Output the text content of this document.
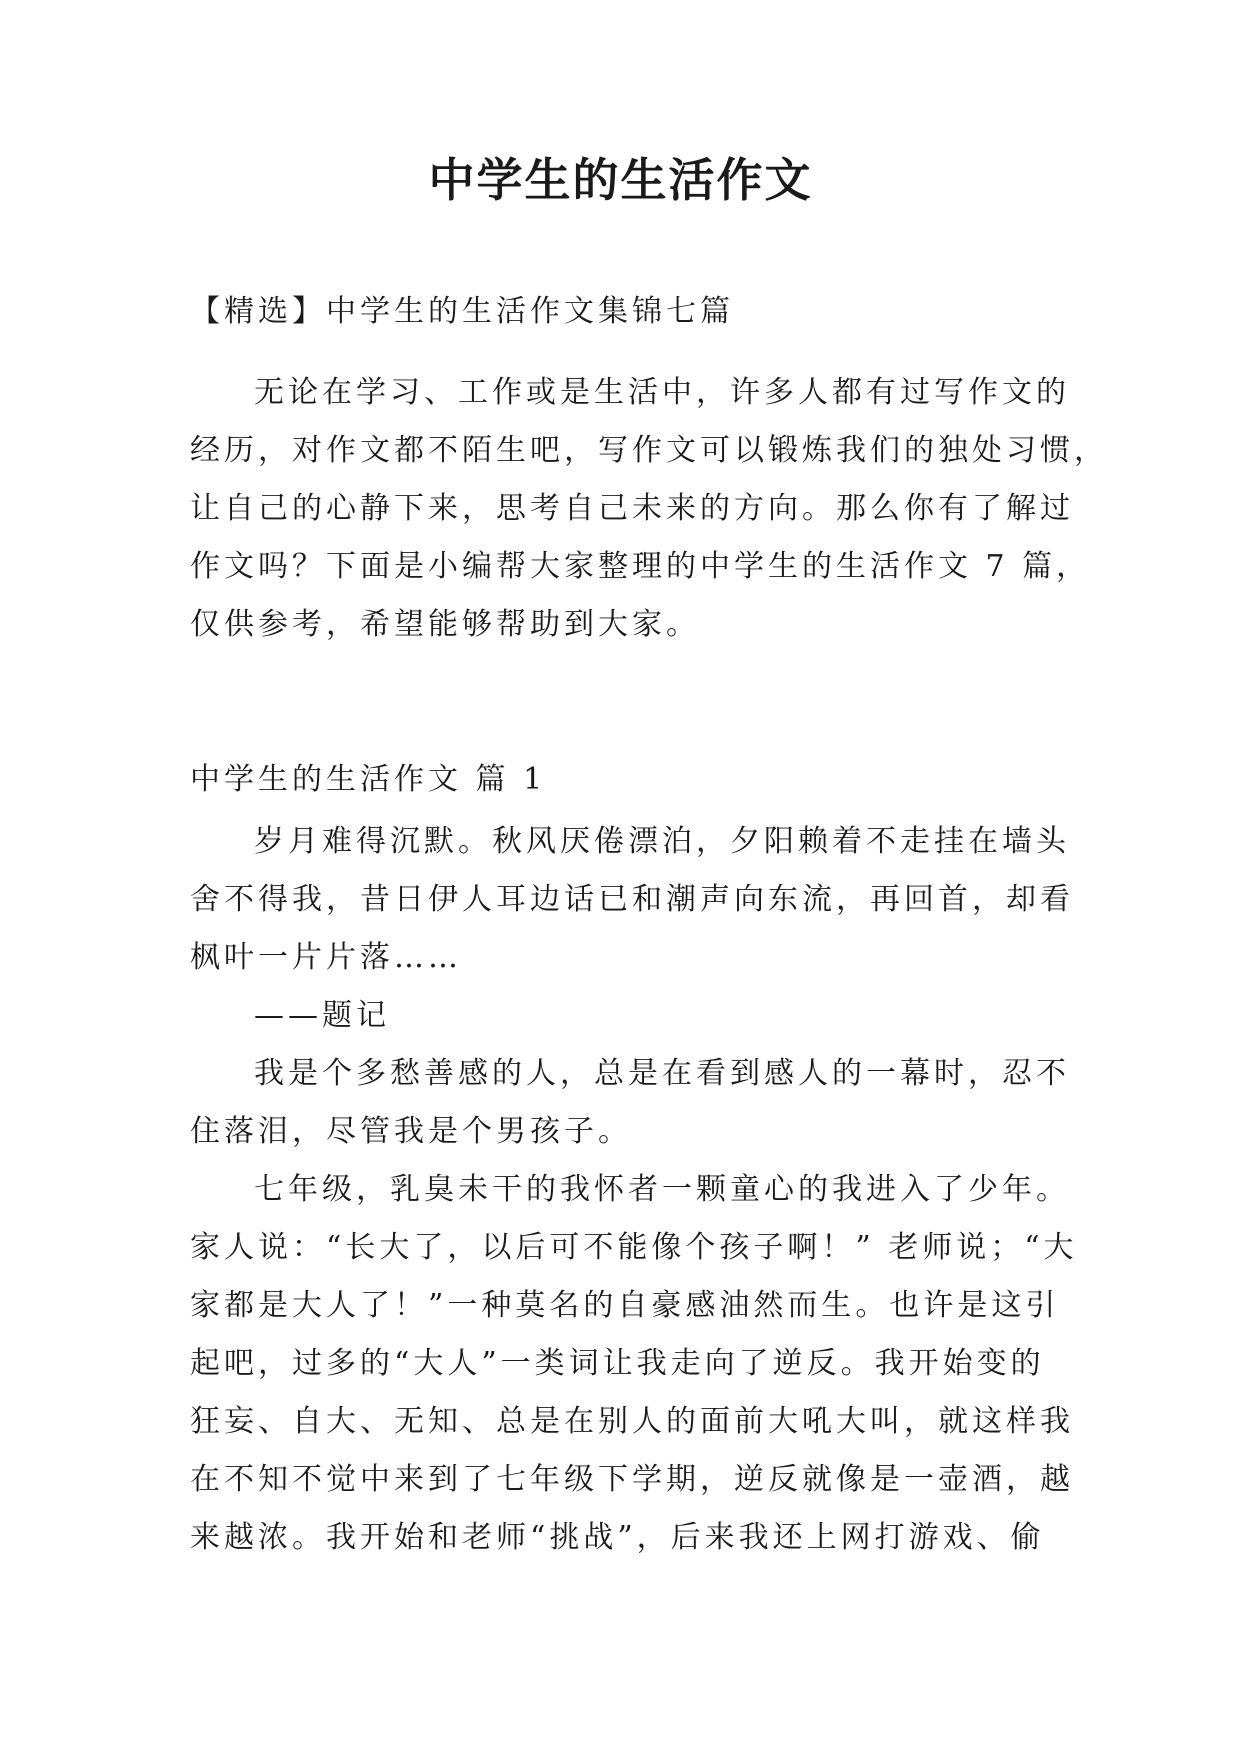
中学生的生活作文

【精选】中学生的生活作文集锦七篇

无论在学习、工作或是生活中，许多人都有过写作文的
经历，对作文都不陌生吧，写作文可以锻炼我们的独处习惯，
让自己的心静下来，思考自己未来的方向。那么你有了解过
作文吗？下面是小编帮大家整理的中学生的生活作文 7 篇，
仅供参考，希望能够帮助到大家。

中学生的生活作文 篇 1

岁月难得沉默。秋风厌倦漂泊，夕阳赖着不走挂在墙头
舍不得我，昔日伊人耳边话已和潮声向东流，再回首，却看
枫叶一片片落……
——题记
我是个多愁善感的人，总是在看到感人的一幕时，忍不
住落泪，尽管我是个男孩子。
七年级，乳臭未干的我怀者一颗童心的我进入了少年。
家人说：“长大了，以后可不能像个孩子啊！” 老师说；“大
家都是大人了！”一种莫名的自豪感油然而生。也许是这引
起吧，过多的“大人”一类词让我走向了逆反。我开始变的
狂妄、自大、无知、总是在别人的面前大吼大叫，就这样我
在不知不觉中来到了七年级下学期，逆反就像是一壶酒，越
来越浓。我开始和老师“挑战”，后来我还上网打游戏、偷
